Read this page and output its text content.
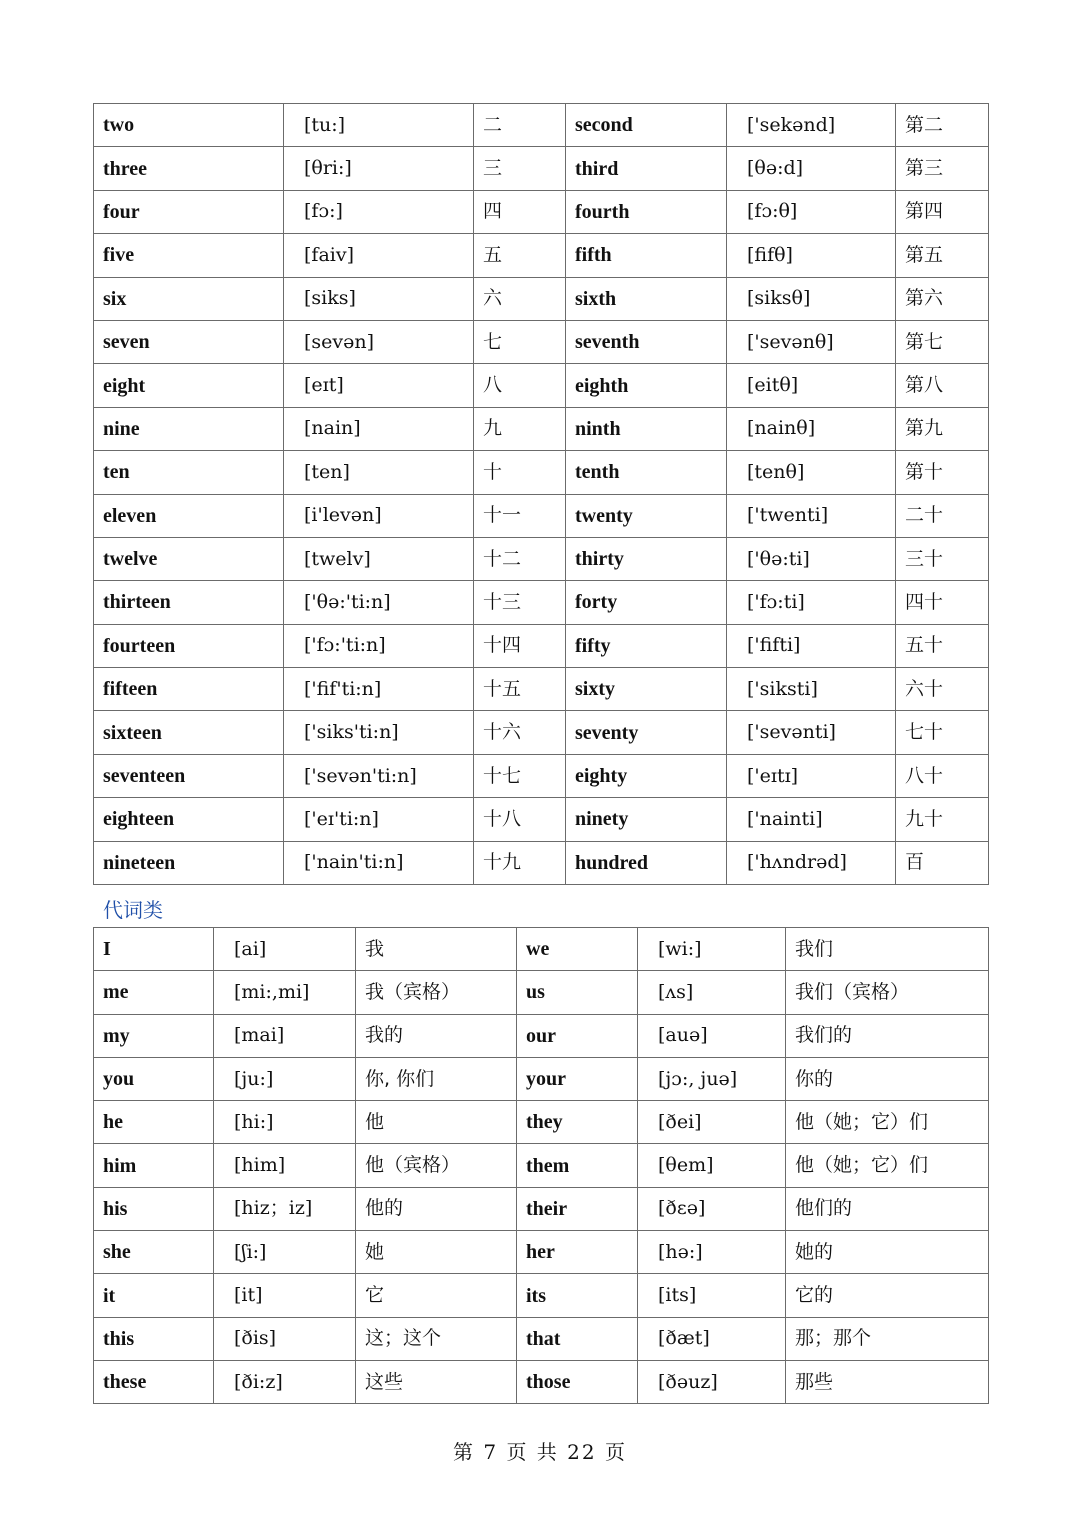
two	[tu:]	二	second	['sekənd]	第二
three	[θri:]	三	third	[θə:d]	第三
four	[fɔ:]	四	fourth	[fɔ:θ]	第四
five	[faiv]	五	fifth	[fifθ]	第五
six	[siks]	六	sixth	[siksθ]	第六
seven	[sevən]	七	seventh	['sevənθ]	第七
eight	[eɪt]	八	eighth	[eitθ]	第八
nine	[nain]	九	ninth	[nainθ]	第九
ten	[ten]	十	tenth	[tenθ]	第十
eleven	[i'levən]	十一	twenty	['twenti]	二十
twelve	[twelv]	十二	thirty	['θə:ti]	三十
thirteen	['θə:'ti:n]	十三	forty	['fɔ:ti]	四十
fourteen	['fɔ:'ti:n]	十四	fifty	['fifti]	五十
fifteen	['fif'ti:n]	十五	sixty	['siksti]	六十
sixteen	['siks'ti:n]	十六	seventy	['sevənti]	七十
seventeen	['sevən'ti:n]	十七	eighty	['eɪtɪ]	八十
eighteen	['eɪ'ti:n]	十八	ninety	['nainti]	九十
nineteen	['nain'ti:n]	十九	hundred	['hʌndrəd]	百
代词类
I	[ai]	我	we	[wi:]	我们
me	[mi:,mi]	我（宾格）	us	[ʌs]	我们（宾格）
my	[mai]	我的	our	[auə]	我们的
you	[ju:]	你, 你们	your	[jɔ:, juə]	你的
he	[hi:]	他	they	[ðei]	他（她；它）们
him	[him]	他（宾格）	them	[θem]	他（她；它）们
his	[hiz；iz]	他的	their	[ðɛə]	他们的
she	[ʃi:]	她	her	[hə:]	她的
it	[it]	它	its	[its]	它的
this	[ðis]	这；这个	that	[ðæt]	那；那个
these	[ði:z]	这些	those	[ðəuz]	那些
第 7 页 共 22 页
